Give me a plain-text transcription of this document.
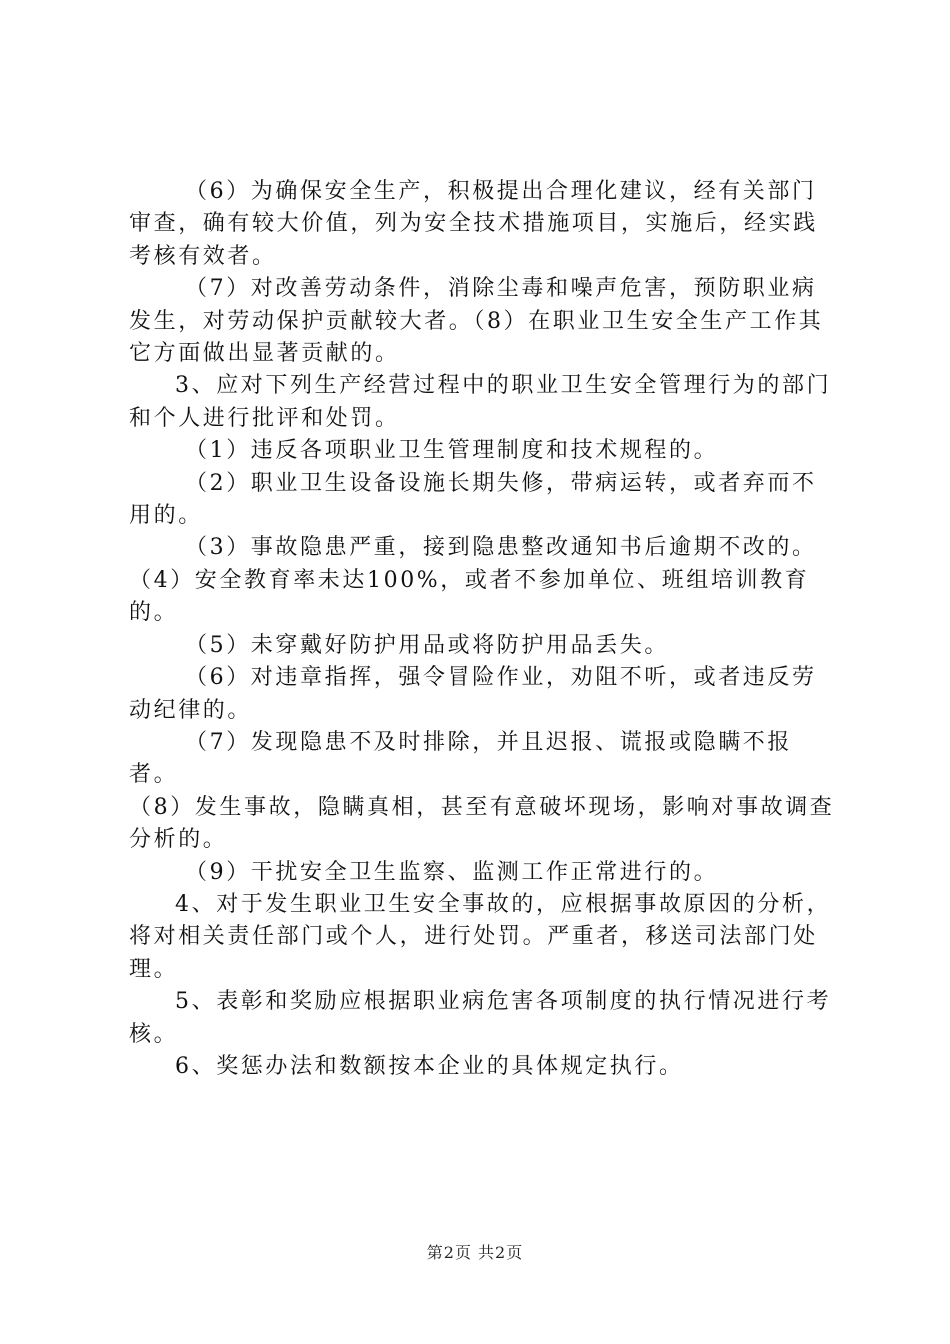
（6）为确保安全生产，积极提出合理化建议，经有关部门审查，确有较大价值，列为安全技术措施项目，实施后，经实践考核有效者。

（7）对改善劳动条件，消除尘毒和噪声危害，预防职业病发生，对劳动保护贡献较大者。（8）在职业卫生安全生产工作其它方面做出显著贡献的。

3、应对下列生产经营过程中的职业卫生安全管理行为的部门和个人进行批评和处罚。

（1）违反各项职业卫生管理制度和技术规程的。

（2）职业卫生设备设施长期失修，带病运转，或者弃而不用的。

（3）事故隐患严重，接到隐患整改通知书后逾期不改的。

（4）安全教育率未达100%，或者不参加单位、班组培训教育的。

（5）未穿戴好防护用品或将防护用品丢失。

（6）对违章指挥，强令冒险作业，劝阻不听，或者违反劳动纪律的。

（7）发现隐患不及时排除，并且迟报、谎报或隐瞒不报者。

（8）发生事故，隐瞒真相，甚至有意破坏现场，影响对事故调查分析的。

（9）干扰安全卫生监察、监测工作正常进行的。

4、对于发生职业卫生安全事故的，应根据事故原因的分析，将对相关责任部门或个人，进行处罚。严重者，移送司法部门处理。

5、表彰和奖励应根据职业病危害各项制度的执行情况进行考核。

6、奖惩办法和数额按本企业的具体规定执行。

第2页 共2页
